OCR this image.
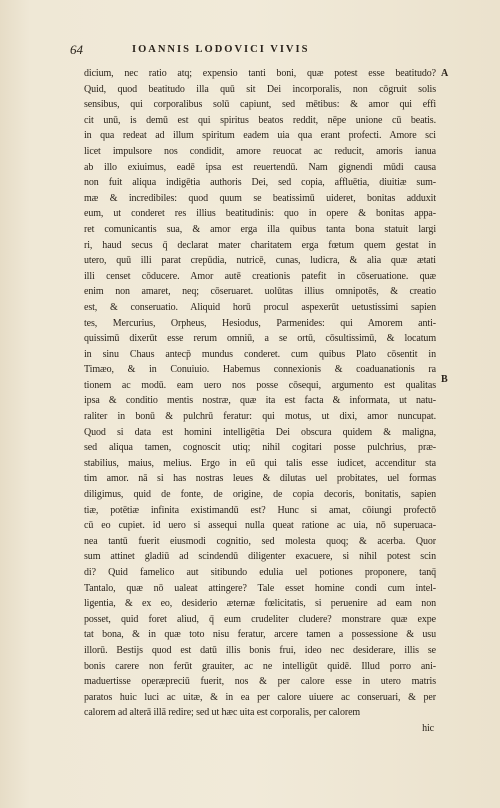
64	IOANNIS LODOVICI VIVIS
A
B
dicium, nec ratio atq; expensio tanti boni, quæ potest esse beatitudo?
Quid, quod beatitudo illa quū sit Dei incorporalis, non cōgruit solis
sensibus, qui corporalibus solū capiunt, sed mētibus: & amor qui effi
cit unū, is demū est qui spiritus beatos reddit, nēpe unione cū beatis.
in qua redeat ad illum spiritum eadem uia qua erant profecti. Amore sci
licet impulsore nos condidit, amore reuocat ac reducit, amoris ianua
ab illo exiuimus, eadē ipsa est reuertendū. Nam gignendi mūdi causa
non fuit aliqua indigētia authoris Dei, sed copia, affluētia, diuitiæ sum-
mæ & incredibiles: quod quum se beatissimū uideret, bonitas adduxit
eum, ut conderet res illius beatitudinis: quo in opere & bonitas appa-
ret comunicantis sua, & amor erga illa quibus tanta bona statuit largi
ri, haud secus q̄ declarat mater charitatem erga fœtum quem gestat in
utero, quū illi parat crepūdia, nutricē, cunas, ludicra, & alia quæ ætati
illi censet cōducere. Amor autē creationis patefit in cōseruatione. quæ
enim non amaret, neq; cōseruaret. uolūtas illius omnipotēs, & creatio
est, & conseruatio. Aliquid horū procul aspexerūt uetustissimi sapien
tes, Mercurius, Orpheus, Hesiodus, Parmenides: qui Amorem anti-
quissimū dixerūt esse rerum omniū, a se ortū, cōsultissimū, & locatum
in sinu Chaus antecp̄ mundus conderet. cum quibus Plato cōsentit in
Timæo, & in Conuiuio. Habemus connexionis & coaduanationis ra
tionem ac modū. eam uero nos posse cōsequi, argumento est qualitas
ipsa & conditio mentis nostræ, quæ ita est facta & informata, ut natu-
raliter in bonū & pulchrū feratur: qui motus, ut dixi, amor nuncupat.
Quod si data est homini intelligētia Dei obscura quidem & maligna,
sed aliqua tamen, cognoscit utiq; nihil cogitari posse pulchrius, præ-
stabilius, maius, melius. Ergo in eū qui talis esse iudicet, accenditur sta
tim amor. nā si has nostras leues & dilutas uel probitates, uel formas
diligimus, quid de fonte, de origine, de copia decoris, bonitatis, sapien
tiæ, potētiæ infinita existimandū est? Hunc si amat, cōiungi profectō
cū eo cupiet. id uero si assequi nulla queat ratione ac uia, nō superuaca-
nea tantū fuerit eiusmodi cognitio, sed molesta quoq; & acerba. Quor
sum attinet gladiū ad scindendū diligenter exacuere, si nihil potest scin
di? Quid famelico aut sitibundo edulia uel potiones proponere, tanq̄
Tantalo, quæ nō ualeat attingere? Tale esset homine condi cum intel-
ligentia, & ex eo, desiderio æternæ fœlicitatis, si peruenire ad eam non
posset, quid foret aliud, q̄ eum crudeliter cludere? monstrare quæ expe
tat bona, & in quæ toto nisu feratur, arcere tamen a possessione & usu
illorū. Bestijs quod est datū illis bonis frui, ideo nec desiderare, illis se
bonis carere non ferūt grauiter, ac ne intelligūt quidē. Illud porro ani-
maduertisse operæpreciū fuerit, nos & per calore esse in utero matris
paratos huic luci ac uitæ, & in ea per calore uiuere ac conseruari, & per
calorem ad alterā illā redire; sed ut hæc uita est corporalis, per calorem
hic
